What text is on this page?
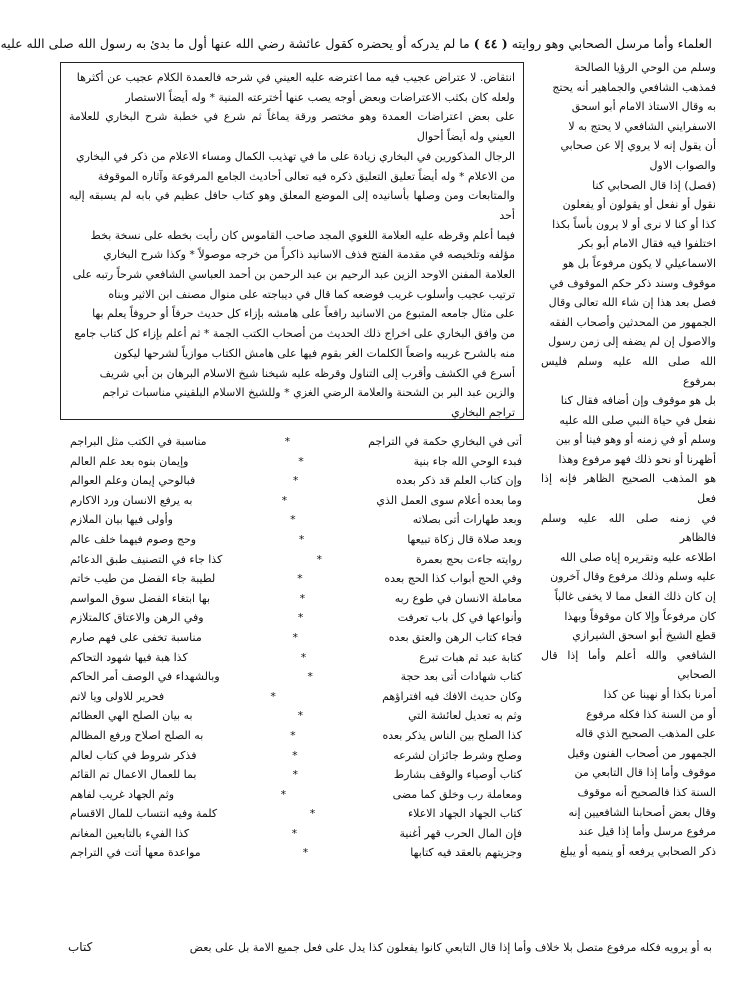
العلماء وأما مرسل الصحابي وهو روايته
( ٤٤ )
ما لم يدركه أو يحضره كقول عائشة رضي الله عنها أول ما بدئ به رسول الله صلى الله عليه

وسلم من الوحي الرؤيا الصالحة

فمذهب الشافعي والجماهير أنه يحتج

به وقال الاستاذ الامام أبو اسحق

الاسفرايني الشافعي لا يحتج به لا

أن يقول إنه لا يروي إلا عن صحابي

والصواب الاول

(فصل) إذا قال الصحابي كنا

نقول أو نفعل أو يقولون أو يفعلون

كذا أو كنا لا نرى أو لا يرون بأساً بكذا

اختلفوا فيه فقال الامام أبو بكر

الاسماعيلي لا يكون مرفوعاً بل هو

موقوف وسند ذكر حكم الموقوف في

فصل بعد هذا إن شاء الله تعالى وقال

الجمهور من المحدثين وأصحاب الفقه

والاصول إن لم يضفه إلى زمن رسول

الله صلى الله عليه وسلم فليس بمرفوع

بل هو موقوف وإن أضافه فقال كنا

نفعل في حياة النبي صلى الله عليه

وسلم أو في زمنه أو وهو فينا أو بين

أظهرنا أو نحو ذلك فهو مرفوع وهذا

هو المذهب الصحيح الظاهر فإنه إذا فعل

في زمنه صلى الله عليه وسلم فالظاهر

اطلاعه عليه وتقريره إياه صلى الله

عليه وسلم وذلك مرفوع وقال آخرون

إن كان ذلك الفعل مما لا يخفى غالباً

كان مرفوعاً وإلا كان موقوفاً وبهذا

قطع الشيخ أبو اسحق الشيرازي

الشافعي والله أعلم وأما إذا قال الصحابي

أمرنا بكذا أو نهينا عن كذا

أو من السنة كذا فكله مرفوع

على المذهب الصحيح الذي قاله

الجمهور من أصحاب الفنون وقيل

موقوف وأما إذا قال التابعي من

السنة كذا فالصحيح أنه موقوف

وقال بعض أصحابنا الشافعيين إنه

مرفوع مرسل وأما إذا قيل عند

ذكر الصحابي يرفعه أو ينميه أو يبلغ

انتقاض. لا عتراض عجيب فيه مما اعترضه عليه العيني في شرحه فالعمدة الكلام عجيب عن أكثرها
ولعله كان بكثب الاعتراضات وبعض أوجه يصب عنها أخترعته المنية * وله أيضاً الاستصار
على بعض اعتراضات العمدة وهو مختصر ورقة يماغاً ثم شرع في خطبة شرح البخاري للعلامة العيني وله أيضاً أحوال
الرجال المذكورين في البخاري زيادة على ما في تهذيب الكمال ومساء الاعلام من ذكر في البخاري
من الاعلام * وله أيضاً تعليق التعليق ذكره فيه تعالى أحاديث الجامع المرفوعة وآثاره الموقوفة
والمتابعات ومن وصلها بأسانيده إلى الموضع المعلق وهو كتاب حافل عظيم في بابه لم يسبقه إليه أحد
فيما أعلم وقرظه عليه العلامة اللغوي المجد صاحب القاموس كان رأيت بخطه على نسخة بخط
مؤلفه وتلخيصه في مقدمة الفتح فذف الاسانيد ذاكراً من خرجه موصولاً * وكذا شرح البخاري
العلامة المفنن الاوحد الزين عبد الرحيم بن عبد الرحمن بن أحمد العباسي الشافعي شرحاً رتبه على
ترتيب عجيب وأسلوب غريب فوضعه كما قال في ديباجته على منوال مصنف ابن الاثير وبناه
على مثال جامعه المتبوع من الاسانيد رافعاً على هامشه بإزاء كل حديث حرفاً أو حروفاً يعلم بها
من وافق البخاري على اخراج ذلك الحديث من أصحاب الكتب الجمة * ثم أعلم بإزاء كل كتاب جامع
منه بالشرح غريبه واضعاً الكلمات الغر بقوم فيها على هامش الكتاب موازياً لشرحها ليكون
أسرع في الكشف وأقرب إلى التناول وقرظه عليه شيخنا شيخ الاسلام البرهان بن أبي شريف
والزين عبد البر بن الشحنة والعلامة الرضي الغزي * وللشيخ الاسلام البلقيني مناسبات تراجم
تراجم البخاري
أتى في البخاري حكمة في التراجم
*
مناسبة في الكتب مثل البراجم
فبدء الوحي الله جاء بنية
*
وإيمان بنوه بعد علم العالم
وإن كتاب العلم قد ذكر بعده
*
فبالوحي إيمان وعلم العوالم
وما بعده أعلام سوى العمل الذي
*
به يرفع الانسان ورد الاكارم
وبعد طهارات أتى بصلاته
*
وأولى فيها بيان الملازم
وبعد صلاة قال زكاة تبيعها
*
وحج وصوم فيهما خلف عالم
روايته جاءت بحج بعمرة
*
كذا جاء في التصنيف طبق الدعائم
وفي الحج أبواب كذا الحج بعده
*
لطيبة جاء الفضل من طيب خاتم
معاملة الانسان في طوع ربه
*
بها ابتغاء الفضل سوق المواسم
وأنواعها في كل باب تعرفت
*
وفي الرهن والاعتاق كالمتلازم
فجاء كتاب الرهن والعتق بعده
*
مناسبة تخفى على فهم صارم
كتابة عبد ثم هبات تبرع
*
كذا هبة فيها شهود التحاكم
كتاب شهادات أتى بعد حجة
*
وبالشهداء في الوصف أمر الحاكم
وكان حديث الافك فيه افتراؤهم
*
فحرير للاولى ويا لاتم
وثم به تعديل لعائشة التي
*
به بيان الصلح الهي العظائم
كذا الصلح بين الناس يذكر بعده
*
به الصلح اصلاح ورفع المظالم
وصلح وشرط جائزان لشرعه
*
فذكر شروط في كتاب لعالم
كتاب أوصياء والوقف بشارط
*
بما للعمال الاعمال تم القائم
ومعاملة رب وخلق كما مضى
*
وثم الجهاد غريب لفاهم
كتاب الجهاد الجهاد الاعلاء
*
كلمة وفيه انتساب للمال الاقسام
فإن المال الحرب قهر أغنية
*
كذا الفيء بالتابعين المغانم
وجزيتهم بالعقد فيه كتابها
*
مواعدة معها أتت في التراجم
به أو يرويه فكله مرفوع متصل بلا خلاف وأما إذا قال التابعي كانوا يفعلون كذا يدل على فعل جميع الامة بل على بعض
كتاب
